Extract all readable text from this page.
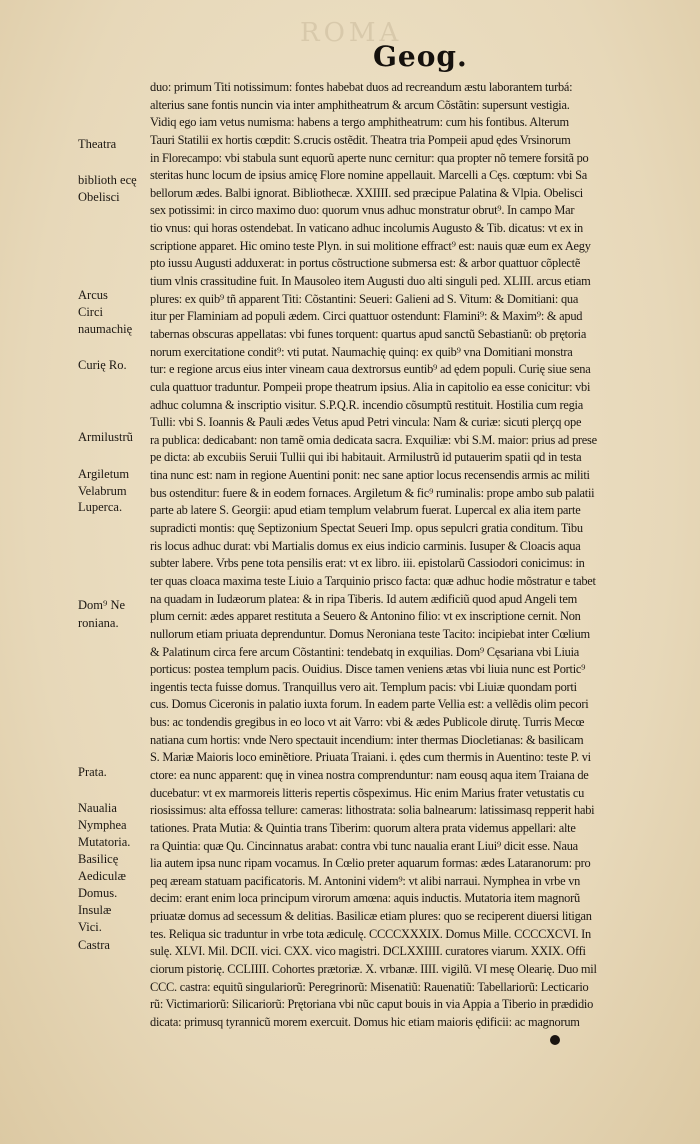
ROMA
Geog.
Theatra
biblioth ecę
Obelisci
Arcus
Circi
naumachię
Curię Ro.
Armilustrũ
Argiletum
Velabrum
Luperca.
Dom⁹ Ne
roniana.
Prata.
Naualia
Nymphea
Mutatoria.
Basilicę
Aediculæ
Domus.
Insulæ
Vici.
Castra
duo: primum Titi notissimum: fontes habebat duos ad recreandum æstu laborantem turbá:
alterius sane fontis nuncin via inter amphitheatrum & arcum Cõstãtin: supersunt vestigia.
Vidiq ego iam vetus numisma: habens a tergo amphitheatrum: cum his fontibus. Alterum
Tauri Statilii ex hortis cœpdit: S.crucis ostẽdit. Theatra tria Pompeii apud ędes Vrsinorum
in Florecampo: vbi stabula sunt equorũ aperte nunc cernitur: qua propter nõ temere forsitã po
steritas hunc locum de ipsius amicę Flore nomine appellauit. Marcelli a Cęs. cœptum: vbi Sa
bellorum ædes. Balbi ignorat. Bibliothecæ. XXIIII. sed præcipue Palatina & Vlpia. Obelisci
sex potissimi: in circo maximo duo: quorum vnus adhuc monstratur obrut⁹. In campo Mar
tio vnus: qui horas ostendebat. In vaticano adhuc incolumis Augusto & Tib. dicatus: vt ex in
scriptione apparet. Hic omino teste Plyn. in sui molitione effract⁹ est: nauis quæ eum ex Aegy
pto iussu Augusti adduxerat: in portus cõstructione submersa est: & arbor quattuor cõplectẽ
tium vlnis crassitudine fuit. In Mausoleo item Augusti duo alti singuli ped. XLIII. arcus etiam
plures: ex quib⁹ tñ apparent Titi: Cõstantini: Seueri: Galieni ad S. Vitum: & Domitiani: qua
itur per Flaminiam ad populi ædem. Circi quattuor ostendunt: Flamini⁹: & Maxim⁹: & apud
tabernas obscuras appellatas: vbi funes torquent: quartus apud sanctũ Sebastianũ: ob prętoria
norum exercitatione condit⁹: vti putat. Naumachię quinq: ex quib⁹ vna Domitiani monstra
tur: e regione arcus eius inter vineam caua dextrorsus euntib⁹ ad ędem populi. Curię siue sena
cula quattuor traduntur. Pompeii prope theatrum ipsius. Alia in capitolio ea esse conicitur: vbi
adhuc columna & inscriptio visitur. S.P.Q.R. incendio cõsumptũ restituit. Hostilia cum regia
Tulli: vbi S. Ioannis & Pauli ædes Vetus apud Petri vincula: Nam & curiæ: sicuti plerçq ope
ra publica: dedicabant: non tamẽ omia dedicata sacra. Exquiliæ: vbi S.M. maior: prius ad prese
pe dicta: ab excubiis Seruii Tullii qui ibi habitauit. Armilustrũ id putauerim spatii qd in testa
tina nunc est: nam in regione Auentini ponit: nec sane aptior locus recensendis armis ac militi
bus ostenditur: fuere & in eodem fornaces. Argiletum & fic⁹ ruminalis: prope ambo sub palatii
parte ab latere S. Georgii: apud etiam templum velabrum fuerat. Lupercal ex alia item parte
supradicti montis: quę Septizonium Spectat Seueri Imp. opus sepulcri gratia conditum. Tibu
ris locus adhuc durat: vbi Martialis domus ex eius indicio carminis. Iusuper & Cloacis aqua
subter labere. Vrbs pene tota pensilis erat: vt ex libro. iii. epistolarũ Cassiodori conicimus: in
ter quas cloaca maxima teste Liuio a Tarquinio prisco facta: quæ adhuc hodie mõstratur e tabet
na quadam in Iudæorum platea: & in ripa Tiberis. Id autem ædificiũ quod apud Angeli tem
plum cernit: ædes apparet restituta a Seuero & Antonino filio: vt ex inscriptione cernit. Non
nullorum etiam priuata deprenduntur. Domus Neroniana teste Tacito: incipiebat inter Cœlium
& Palatinum circa fere arcum Cõstantini: tendebatq in exquilias. Dom⁹ Cęsariana vbi Liuia
porticus: postea templum pacis. Ouidius. Disce tamen veniens ætas vbi liuia nunc est Portic⁹
ingentis tecta fuisse domus. Tranquillus vero ait. Templum pacis: vbi Liuiæ quondam porti
cus. Domus Ciceronis in palatio iuxta forum. In eadem parte Vellia est: a vellẽdis olim pecori
bus: ac tondendis gregibus in eo loco vt ait Varro: vbi & ædes Publicole dirutę. Turris Mecœ
natiana cum hortis: vnde Nero spectauit incendium: inter thermas Diocletianas: & basilicam
S. Mariæ Maioris loco eminẽtiore. Priuata Traiani. i. ędes cum thermis in Auentino: teste P. vi
ctore: ea nunc apparent: quę in vinea nostra comprenduntur: nam eousq aqua item Traiana de
ducebatur: vt ex marmoreis litteris repertis cõspeximus. Hic enim Marius frater vetustatis cu
riosissimus: alta effossa tellure: cameras: lithostrata: solia balnearum: latissimasq repperit habi
tationes. Prata Mutia: & Quintia trans Tiberim: quorum altera prata videmus appellari: alte
ra Quintia: quæ Qu. Cincinnatus arabat: contra vbi tunc naualia erant Liui⁹ dicit esse. Naua
lia autem ipsa nunc ripam vocamus. In Cœlio preter aquarum formas: ædes Lataranorum: pro
peq æream statuam pacificatoris. M. Antonini videm⁹: vt alibi narraui. Nymphea in vrbe vn
decim: erant enim loca principum virorum amœna: aquis inductis. Mutatoria item magnorũ
priuatæ domus ad secessum & delitias. Basilicæ etiam plures: quo se reciperent diuersi litigan
tes. Reliqua sic traduntur in vrbe tota ædiculę. CCCCXXXIX. Domus Mille. CCCCXCVI. In
sulę. XLVI. Mil. DCII. vici. CXX. vico magistri. DCLXXIIII. curatores viarum. XXIX. Offi
ciorum pistorię. CCLIIII. Cohortes prætoriæ. X. vrbanæ. IIII. vigilũ. VI mesę Olearię. Duo mil
CCC. castra: equitũ singulariorũ: Peregrinorũ: Misenatiũ: Rauenatiũ: Tabellariorũ: Lecticario
rũ: Victimariorũ: Silicariorũ: Prętoriana vbi nũc caput bouis in via Appia a Tiberio in prædidio
dicata: primusq tyrannicũ morem exercuit. Domus hic etiam maioris ędificii: ac magnorum
